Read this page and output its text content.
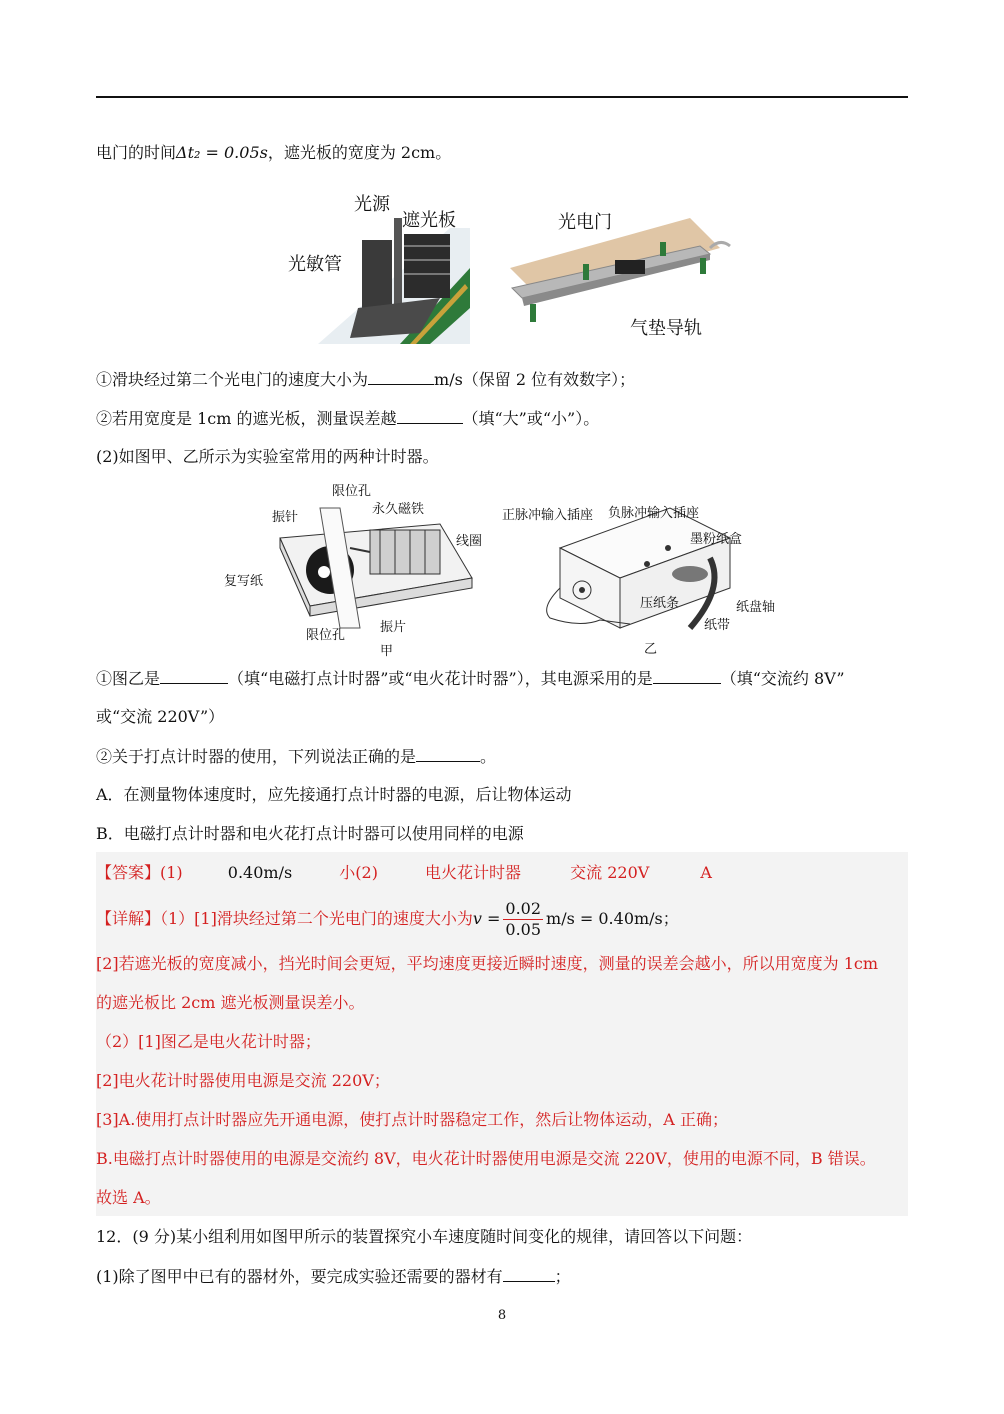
电门的时间Δt₂ = 0.05s，遮光板的宽度为 2cm。
光源
遮光板
光敏管
光电门
气垫导轨
①滑块经过第二个光电门的速度大小为	m/s（保留 2 位有效数字）；
②若用宽度是 1cm 的遮光板，测量误差越	（填“大”或“小”）。
(2)如图甲、乙所示为实验室常用的两种计时器。
限位孔
振针
永久磁铁
线圈
复写纸
限位孔
振片
甲
正脉冲输入插座 负脉冲输入插座
墨粉纸盒
压纸条	纸盘轴
纸带
乙
①图乙是	（填“电磁打点计时器”或“电火花计时器”），其电源采用的是	（填“交流约 8V”
或“交流 220V”）
②关于打点计时器的使用，下列说法正确的是	。
A．在测量物体速度时，应先接通打点计时器的电源，后让物体运动
B．电磁打点计时器和电火花打点计时器可以使用同样的电源
【答案】(1)	0.40m/s	小(2)	电火花计时器	交流 220V	A
【详解】（1）[1]滑块经过第二个光电门的速度大小为$v = \frac{0.02}{0.05} m/s = 0.40m/s$；
[2]若遮光板的宽度减小，挡光时间会更短，平均速度更接近瞬时速度，测量的误差会越小，所以用宽度为 1cm
的遮光板比 2cm 遮光板测量误差小。
（2）[1]图乙是电火花计时器；
[2]电火花计时器使用电源是交流 220V；
[3]A.使用打点计时器应先开通电源，使打点计时器稳定工作，然后让物体运动，A 正确；
B.电磁打点计时器使用的电源是交流约 8V，电火花计时器使用电源是交流 220V，使用的电源不同，B 错误。
故选 A。
12．(9 分)某小组利用如图甲所示的装置探究小车速度随时间变化的规律，请回答以下问题：
(1)除了图甲中已有的器材外，要完成实验还需要的器材有	；
8
